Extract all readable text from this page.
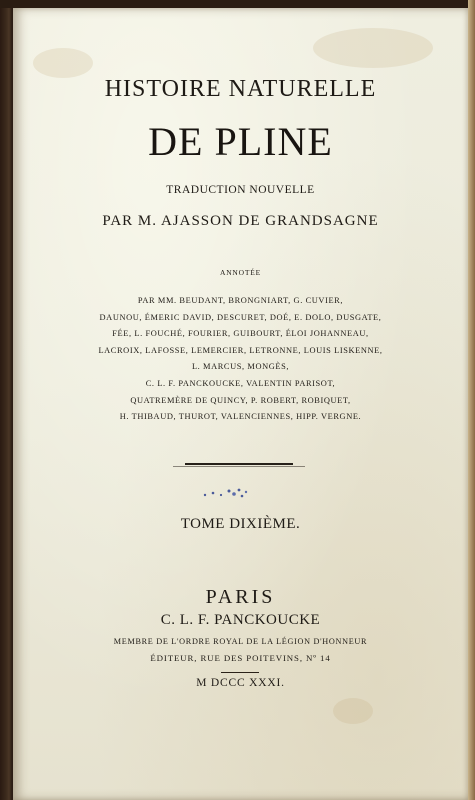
HISTOIRE NATURELLE

DE PLINE

TRADUCTION NOUVELLE

PAR M. AJASSON DE GRANDSAGNE

ANNOTÉE

PAR MM. BEUDANT, BRONGNIART, G. CUVIER,
DAUNOU, ÉMERIC DAVID, DESCURET, DOÉ, E. DOLO, DUSGATE,
FÉE, L. FOUCHÉ, FOURIER, GUIBOURT, ÉLOI JOHANNEAU,
LACROIX, LAFOSSE, LEMERCIER, LETRONNE, LOUIS LISKENNE,
L. MARCUS, MONGÈS,
C. L. F. PANCKOUCKE, VALENTIN PARISOT,
QUATREMÈRE DE QUINCY, P. ROBERT, ROBIQUET,
H. THIBAUD, THUROT, VALENCIENNES, HIPP. VERGNE.

TOME DIXIÈME.

PARIS

C. L. F. PANCKOUCKE

MEMBRE DE L'ORDRE ROYAL DE LA LÉGION D'HONNEUR

ÉDITEUR, RUE DES POITEVINS, Nº 14

M DCCC XXXI.
